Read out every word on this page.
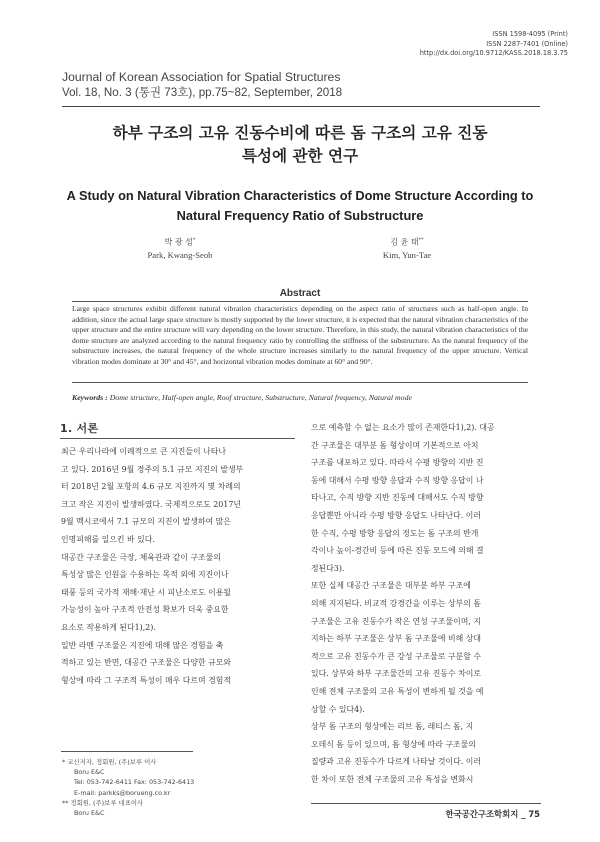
ISSN 1598-4095 (Print)
ISSN 2287-7401 (Online)
http://dx.doi.org/10.9712/KASS.2018.18.3.75
Journal of Korean Association for Spatial Structures
Vol. 18, No. 3 (통권 73호), pp.75~82, September, 2018
하부 구조의 고유 진동수비에 따른 돔 구조의 고유 진동
특성에 관한 연구
A Study on Natural Vibration Characteristics of Dome Structure According to
Natural Frequency Ratio of Substructure
박 광 섭*
Park, Kwang-Seob
김 윤 태**
Kim, Yun-Tae
Abstract
Large space structures exhibit different natural vibration characteristics depending on the aspect ratio of structures such as half-open angle. In addition, since the actual large space structure is mostly supported by the lower structure, it is expected that the natural vibration characteristics of the upper structure and the entire structure will vary depending on the lower structure. Therefore, in this study, the natural vibration characteristics of the dome structure are analyzed according to the natural frequency ratio by controlling the stiffness of the substructure. As the natural frequency of the substructure increases, the natural frequency of the whole structure increases similarly to the natural frequency of the upper structure. Vertical vibration modes dominate at 30° and 45°, and horizontal vibration modes dominate at 60° and 90°.
Keywords : Dome structure, Half-open angle, Roof structure, Substructure, Natural frequency, Natural mode
1. 서론

최근 우리나라에 이례적으로 큰 지진들이 나타나

고 있다. 2016년 9월 경주의 5.1 규모 지진의 발생부

터 2018년 2월 포항의 4.6 규모 지진까지 몇 차례의

크고 작은 지진이 발생하였다. 국제적으로도 2017년

9월 멕시코에서 7.1 규모의 지진이 발생하여 많은

인명피해를 일으킨 바 있다.

대공간 구조물은 극장, 체육관과 같이 구조물의

특성상 많은 인원을 수용하는 목적 외에 지진이나

태풍 등의 국가적 재해·재난 시 피난소로도 이용될

가능성이 높아 구조적 안전성 확보가 더욱 중요한

요소로 작용하게 된다1),2).

일반 라멘 구조물은 지진에 대해 많은 경험을 축

적하고 있는 반면, 대공간 구조물은 다양한 규모와

형상에 따라 그 구조적 특성이 매우 다르며 경험적

* 교신저자, 정회원, (주)보루 이사

Boru E&C

Tel: 053-742-6411 Fax: 053-742-6413

E-mail: parkks@borueng.co.kr

** 정회원, (주)보루 대표이사

Boru E&C

으로 예측할 수 없는 요소가 많이 존재한다1),2). 대공

간 구조물은 대부분 돔 형상이며 기본적으로 아치

구조를 내포하고 있다. 따라서 수평 방향의 지반 진

동에 대해서 수평 방향 응답과 수직 방향 응답이 나

타나고, 수직 방향 지반 진동에 대해서도 수직 방향

응답뿐만 아니라 수평 방향 응답도 나타난다. 이러

한 수직, 수평 방향 응답의 정도는 돔 구조의 반개

각이나 높이-경간비 등에 따른 진동 모드에 의해 결

정된다3).

또한 실제 대공간 구조물은 대부분 하부 구조에

의해 지지된다. 비교적 강경간을 이루는 상부의 돔

구조물은 고유 진동수가 작은 연성 구조물이며, 지

지하는 하부 구조물은 상부 돔 구조물에 비해 상대

적으로 고유 진동수가 큰 강성 구조물로 구분할 수

있다. 상부와 하부 구조물간의 고유 진동수 차이로

인해 전체 구조물의 고유 특성이 변하게 될 것을 예

상할 수 있다4).

상부 돔 구조의 형상에는 리브 돔, 래티스 돔, 지

오데식 돔 등이 있으며, 돔 형상에 따라 구조물의

질량과 고유 진동수가 다르게 나타날 것이다. 이러

한 차이 또한 전체 구조물의 고유 특성을 변화시

한국공간구조학회지 _ 75
